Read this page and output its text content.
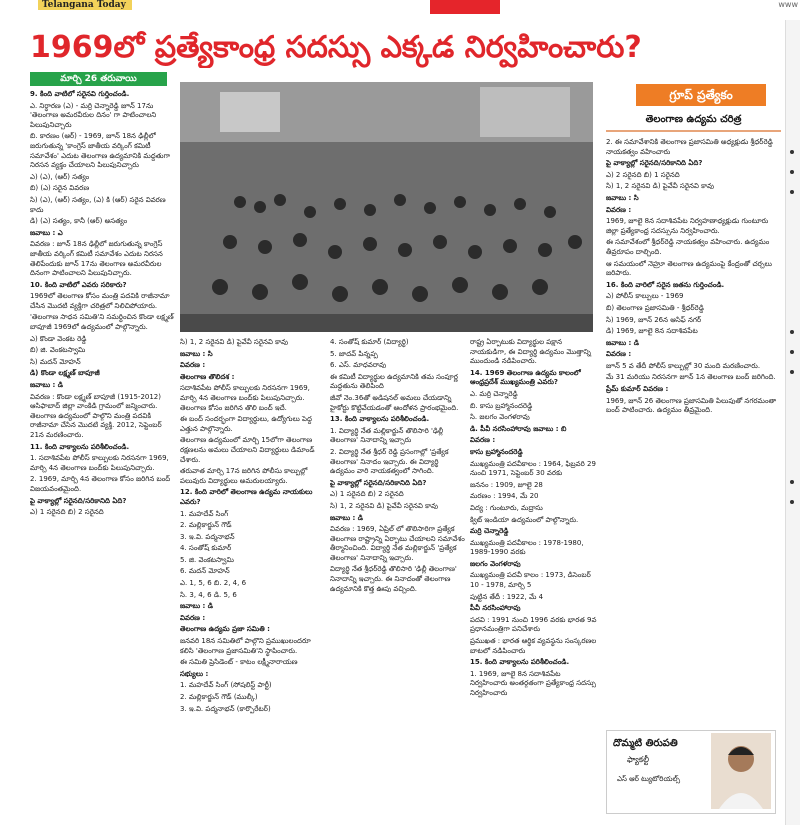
Telangana Today	www
1969లో ప్రత్యేకాంధ్ర సదస్సు ఎక్కడ నిర్వహించారు?
మార్చి 26 తరువాయి

9. కింది వాటిలో సరైనవి గుర్తించండి.

ఎ. నిర్ధారణ (ఎ) - మర్రి చెన్నారెడ్డి జూన్ 17ను 'తెలంగాణ అమరవీరుల దినం' గా పాటించాలని పిలుపునిచ్చారు

బి. కారణం (ఆర్) - 1969, జూన్ 18న ఢిల్లీలో జరుగుతున్న 'కాంగ్రెస్ జాతీయ వర్కింగ్ కమిటీ సమావేశం' ఎదుట తెలంగాణ ఉద్యమానికి మద్దతుగా నిరసన వ్యక్తం చేయాలని పిలుపునిచ్చారు

ఎ) (ఎ), (ఆర్) సత్యం

బి) (ఎ) సరైన వివరణ

సి) (ఎ), (ఆర్) సత్యం, (ఎ) కి (ఆర్) సరైన వివరణ కాదు

డి) (ఎ) సత్యం, కానీ (ఆర్) అసత్యం

జవాబు : ఎ

వివరణ : జూన్ 18న ఢిల్లీలో జరుగుతున్న కాంగ్రెస్ జాతీయ వర్కింగ్ కమిటీ సమావేశం ఎదుట నిరసన తెలిపేందుకు జూన్ 17ను తెలంగాణ అమరవీరుల దినంగా పాటించాలని పిలుపునిచ్చారు.

10. కింది వాటిలో ఎవరు సరికారు?

1969లో తెలంగాణ కోసం మంత్రి పదవికి రాజీనామా చేసిన మొదటి వ్యక్తిగా చరిత్రలో నిలిచిపోయారు.

'తెలంగాణ సాధన సమితి'ని సమర్థించిన కొండా లక్ష్మణ్ బాపూజీ 1969లో ఉద్యమంలో పాల్గొన్నారు.

ఎ) కొండా వెంకట రెడ్డి

బి) జి. వెంకటస్వామి

సి) మదన్ మోహన్

డి) కొండా లక్ష్మణ్ బాపూజీ

జవాబు : డి

వివరణ : కొండా లక్ష్మణ్ బాపూజీ (1915-2012) ఆసిఫాబాద్ జిల్లా వాంకిడి గ్రామంలో జన్మించారు. తెలంగాణ ఉద్యమంలో పాల్గొని మంత్రి పదవికి రాజీనామా చేసిన మొదటి వ్యక్తి. 2012, సెప్టెంబర్ 21న మరణించారు.

11. కింది వాక్యాలను పరిశీలించండి.

1. సదాశివపేట పోలీస్ కాల్పులకు నిరసనగా 1969, మార్చి 4న తెలంగాణ బంద్‌కు పిలుపునిచ్చారు.

2. 1969, మార్చి 4న తెలంగాణ కోసం జరిగిన బంద్ విజయవంతమైంది.

పై వాక్యాల్లో సరైనది/సరికానిది ఏది?

ఎ) 1 సరైనది బి) 2 సరైనది

సి) 1, 2 సరైనవి డి) పైవేవీ సరైనవి కావు

జవాబు : సి

వివరణ :

తెలంగాణ తొలిదశ :

సదాశివపేట పోలీస్ కాల్పులకు నిరసనగా 1969, మార్చి 4న తెలంగాణ బంద్‌కు పిలుపునిచ్చారు. తెలంగాణ కోసం జరిగిన తొలి బంద్ ఇదే.

ఈ బంద్ సందర్భంగా విద్యార్థులు, ఉద్యోగులు పెద్ద ఎత్తున పాల్గొన్నారు.

తెలంగాణ ఉద్యమంలో మార్చి 15లోగా తెలంగాణ రక్షణలను అమలు చేయాలని విద్యార్థులు డిమాండ్ చేశారు.

తరువాత మార్చి 17న జరిగిన పోలీసు కాల్పుల్లో పలువురు విద్యార్థులు అమరులయ్యారు.

12. కింది వారిలో తెలంగాణ ఉద్యమ నాయకులు ఎవరు?

1. మహదేవ్ సింగ్

2. మల్లికార్జున్ గౌడ్

3. ఇ.వి. పద్మనాభన్

4. సంతోష్ కుమార్

5. జి. వెంకటస్వామి

6. మదన్ మోహన్

ఎ. 1, 5, 6 బి. 2, 4, 6

సి. 3, 4, 6 డి. 5, 6

జవాబు : డి

వివరణ :

తెలంగాణ ఉద్యమ ప్రజా సమితి :

జనవరి 18న సమితిలో పాల్గొని ప్రముఖులందరూ కలిసి 'తెలంగాణ ప్రజాసమితి'ని స్థాపించారు.

ఈ సమితి ప్రెసిడెంట్ - కాటం లక్ష్మీనారాయణ

సభ్యులు :

1. మహదేవ్ సింగ్ (సోషలిస్ట్ పార్టీ)

2. మల్లికార్జున్ గౌడ్ (ముల్కీ)

3. ఇ.వి. పద్మనాభన్ (కార్పొరేటర్)

4. సంతోష్ కుమార్ (విద్యార్థి)

5. జాదవ్ పిన్నప్ప

6. ఎస్. మాధవరావు

ఈ కమిటీ విద్యార్థుల ఉద్యమానికి తమ సంపూర్ణ మద్దతును తెలిపింది

జీవో నెం.36తో అడిషనల్ అమలు చేయడాన్ని హైకోర్టు కొట్టివేయడంతో ఆందోళన ప్రారంభమైంది.

13. కింది వాక్యాలను పరిశీలించండి.

1. విద్యార్థి నేత మల్లికార్జున్ తొలిసారి 'ఢిల్లీ తెలంగాణ' నినాదాన్ని ఇచ్చారు

2. విద్యార్థి నేత శ్రీధర్ రెడ్డి ప్రసంగాల్లో 'ప్రత్యేక తెలంగాణ' నినాదం ఇచ్చారు. ఈ విద్యార్థి ఉద్యమం వారి నాయకత్వంలో సాగింది.

పై వాక్యాల్లో సరైనది/సరికానిది ఏది?

ఎ) 1 సరైనది బి) 2 సరైనది

సి) 1, 2 సరైనవి డి) పైవేవీ సరైనవి కావు

జవాబు : డి

వివరణ : 1969, ఏప్రిల్ లో తొలిసారిగా ప్రత్యేక తెలంగాణ రాష్ట్రాన్ని ఏర్పాటు చేయాలని సమావేశం తీర్మానించింది. విద్యార్థి నేత మల్లికార్జున్ 'ప్రత్యేక తెలంగాణ' నినాదాన్ని ఇచ్చారు.

విద్యార్థి నేత శ్రీధర్‌రెడ్డి తొలిసారి 'ఢిల్లీ తెలంగాణ' నినాదాన్ని ఇచ్చారు. ఈ నినాదంతో తెలంగాణ ఉద్యమానికి కొత్త ఊపు వచ్చింది.

రాష్ట్ర ఏర్పాటుకు విద్యార్థుల పక్షాన నాయకుడిగా, ఈ విద్యార్థి ఉద్యమం మొత్తాన్ని ముందుండి నడిపించారు.

14. 1969 తెలంగాణ ఉద్యమ కాలంలో ఆంధ్రప్రదేశ్ ముఖ్యమంత్రి ఎవరు?

ఎ. మర్రి చెన్నారెడ్డి

బి. కాసు బ్రహ్మానందరెడ్డి

సి. జలగం వెంగళరావు

డి. పీవీ నరసింహారావు జవాబు : బి

వివరణ :

కాసు బ్రహ్మానందరెడ్డి

ముఖ్యమంత్రి పదవీకాలం : 1964, ఫిబ్రవరి 29 నుంచి 1971, సెప్టెంబర్ 30 వరకు

జననం : 1909, జూలై 28

మరణం : 1994, మే 20

విద్య : గుంటూరు, మద్రాసు

క్విట్ ఇండియా ఉద్యమంలో పాల్గొన్నారు.

మర్రి చెన్నారెడ్డి

ముఖ్యమంత్రి పదవీకాలం : 1978-1980, 1989-1990 వరకు

జలగం వెంగళరావు

ముఖ్యమంత్రి పదవీ కాలం : 1973, డిసెంబర్ 10 - 1978, మార్చి 5

పుట్టిన తేదీ : 1922, మే 4

పీవీ నరసింహారావు

పదవి : 1991 నుంచి 1996 వరకు భారత 9వ ప్రధానమంత్రిగా పనిచేశారు

ప్రముఖత : భారత ఆర్థిక వ్యవస్థను సంస్కరణల బాటలో నడిపించారు

15. కింది వాక్యాలను పరిశీలించండి.

1. 1969, జూలై 8న సదాశివపేట నిర్వహించారు అంతర్గతంగా ప్రత్యేకాంధ్ర సదస్సు నిర్వహించారు

గ్రూప్ ప్రత్యేకం
తెలంగాణ ఉద్యమ చరిత్ర

2. ఈ సమావేశానికి తెలంగాణ ప్రజాసమితి అధ్యక్షుడు శ్రీధర్‌రెడ్డి నాయకత్వం వహించారు

పై వాక్యాల్లో సరైనది/సరికానిది ఏది?

ఎ) 2 సరైనది బి) 1 సరైనది

సి) 1, 2 సరైనవి డి) పైవేవీ సరైనవి కావు

జవాబు : సి

వివరణ :

1969, జూలై 8న సదాశివపేట నిర్వహణాధ్యక్షుడు గుంటూరు జిల్లా ప్రత్యేకాంధ్ర సదస్సును నిర్వహించారు.

ఈ సమావేశంలో శ్రీధర్‌రెడ్డి నాయకత్వం వహించారు. ఉద్యమం తీవ్రరూపం దాల్చింది.

ఆ సమయంలో నెహ్రూ తెలంగాణ ఉద్యమంపై కేంద్రంతో చర్చలు జరిపారు.

16. కింది వారిలో సరైన జతను గుర్తించండి.

ఎ) పోలీస్ కాల్పులు - 1969

బి) తెలంగాణ ప్రజాసమితి - శ్రీధర్‌రెడ్డి

సి) 1969, జూన్ 26న ఆసిఫ్ నగర్

డి) 1969, జూలై 8న సదాశివపేట

జవాబు : డి

వివరణ :

జూన్ 5 వ తేదీ పోలీస్ కాల్పుల్లో 30 మంది మరణించారు.

మే 31 మరియు నిరసనగా జూన్ 1న తెలంగాణ బంద్ జరిగింది.

ప్రేమ్ కుమార్ వివరణ :

1969, జూన్ 26 తెలంగాణ ప్రజాసమితి పిలుపుతో నగరమంతా బంద్ పాటించారు. ఉద్యమం తీవ్రమైంది.

దొమ్మటి తిరుపతి
ఫ్యాకల్టీ
ఎస్ ఆర్ ట్యుటోరియల్స్
